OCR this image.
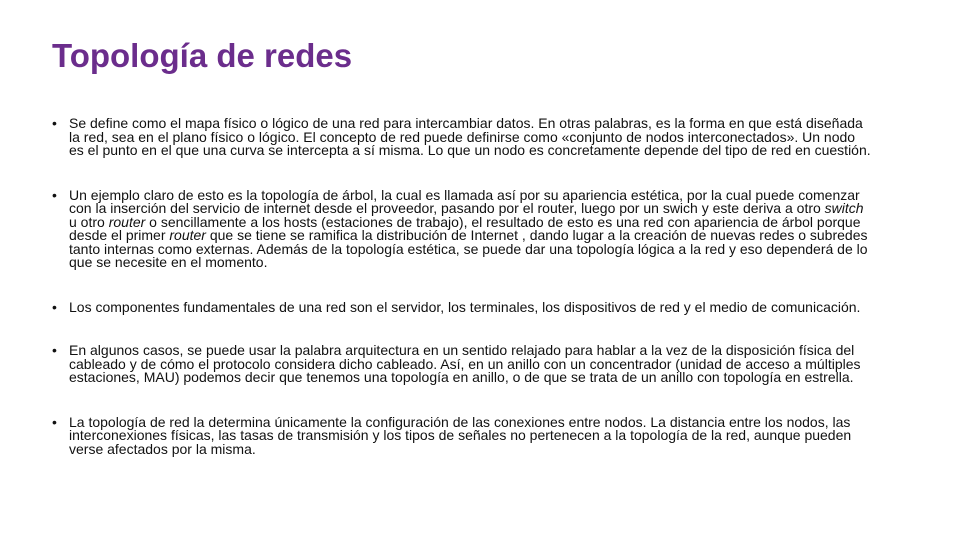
Topología de redes
• Se define como el mapa físico o lógico de una red para intercambiar datos. En otras palabras, es la forma en que está diseñada la red, sea en el plano físico o lógico. El concepto de red puede definirse como «conjunto de nodos interconectados». Un nodo es el punto en el que una curva se intercepta a sí misma. Lo que un nodo es concretamente depende del tipo de red en cuestión.
• Un ejemplo claro de esto es la topología de árbol, la cual es llamada así por su apariencia estética, por la cual puede comenzar con la inserción del servicio de internet desde el proveedor, pasando por el router, luego por un swich y este deriva a otro switch u otro router o sencillamente a los hosts (estaciones de trabajo), el resultado de esto es una red con apariencia de árbol porque desde el primer router que se tiene se ramifica la distribución de Internet , dando lugar a la creación de nuevas redes o subredes tanto internas como externas. Además de la topología estética, se puede dar una topología lógica a la red y eso dependerá de lo que se necesite en el momento.
• Los componentes fundamentales de una red son el servidor, los terminales, los dispositivos de red y el medio de comunicación.
• En algunos casos, se puede usar la palabra arquitectura en un sentido relajado para hablar a la vez de la disposición física del cableado y de cómo el protocolo considera dicho cableado. Así, en un anillo con un concentrador (unidad de acceso a múltiples estaciones, MAU) podemos decir que tenemos una topología en anillo, o de que se trata de un anillo con topología en estrella.
• La topología de red la determina únicamente la configuración de las conexiones entre nodos. La distancia entre los nodos, las interconexiones físicas, las tasas de transmisión y los tipos de señales no pertenecen a la topología de la red, aunque pueden verse afectados por la misma.
